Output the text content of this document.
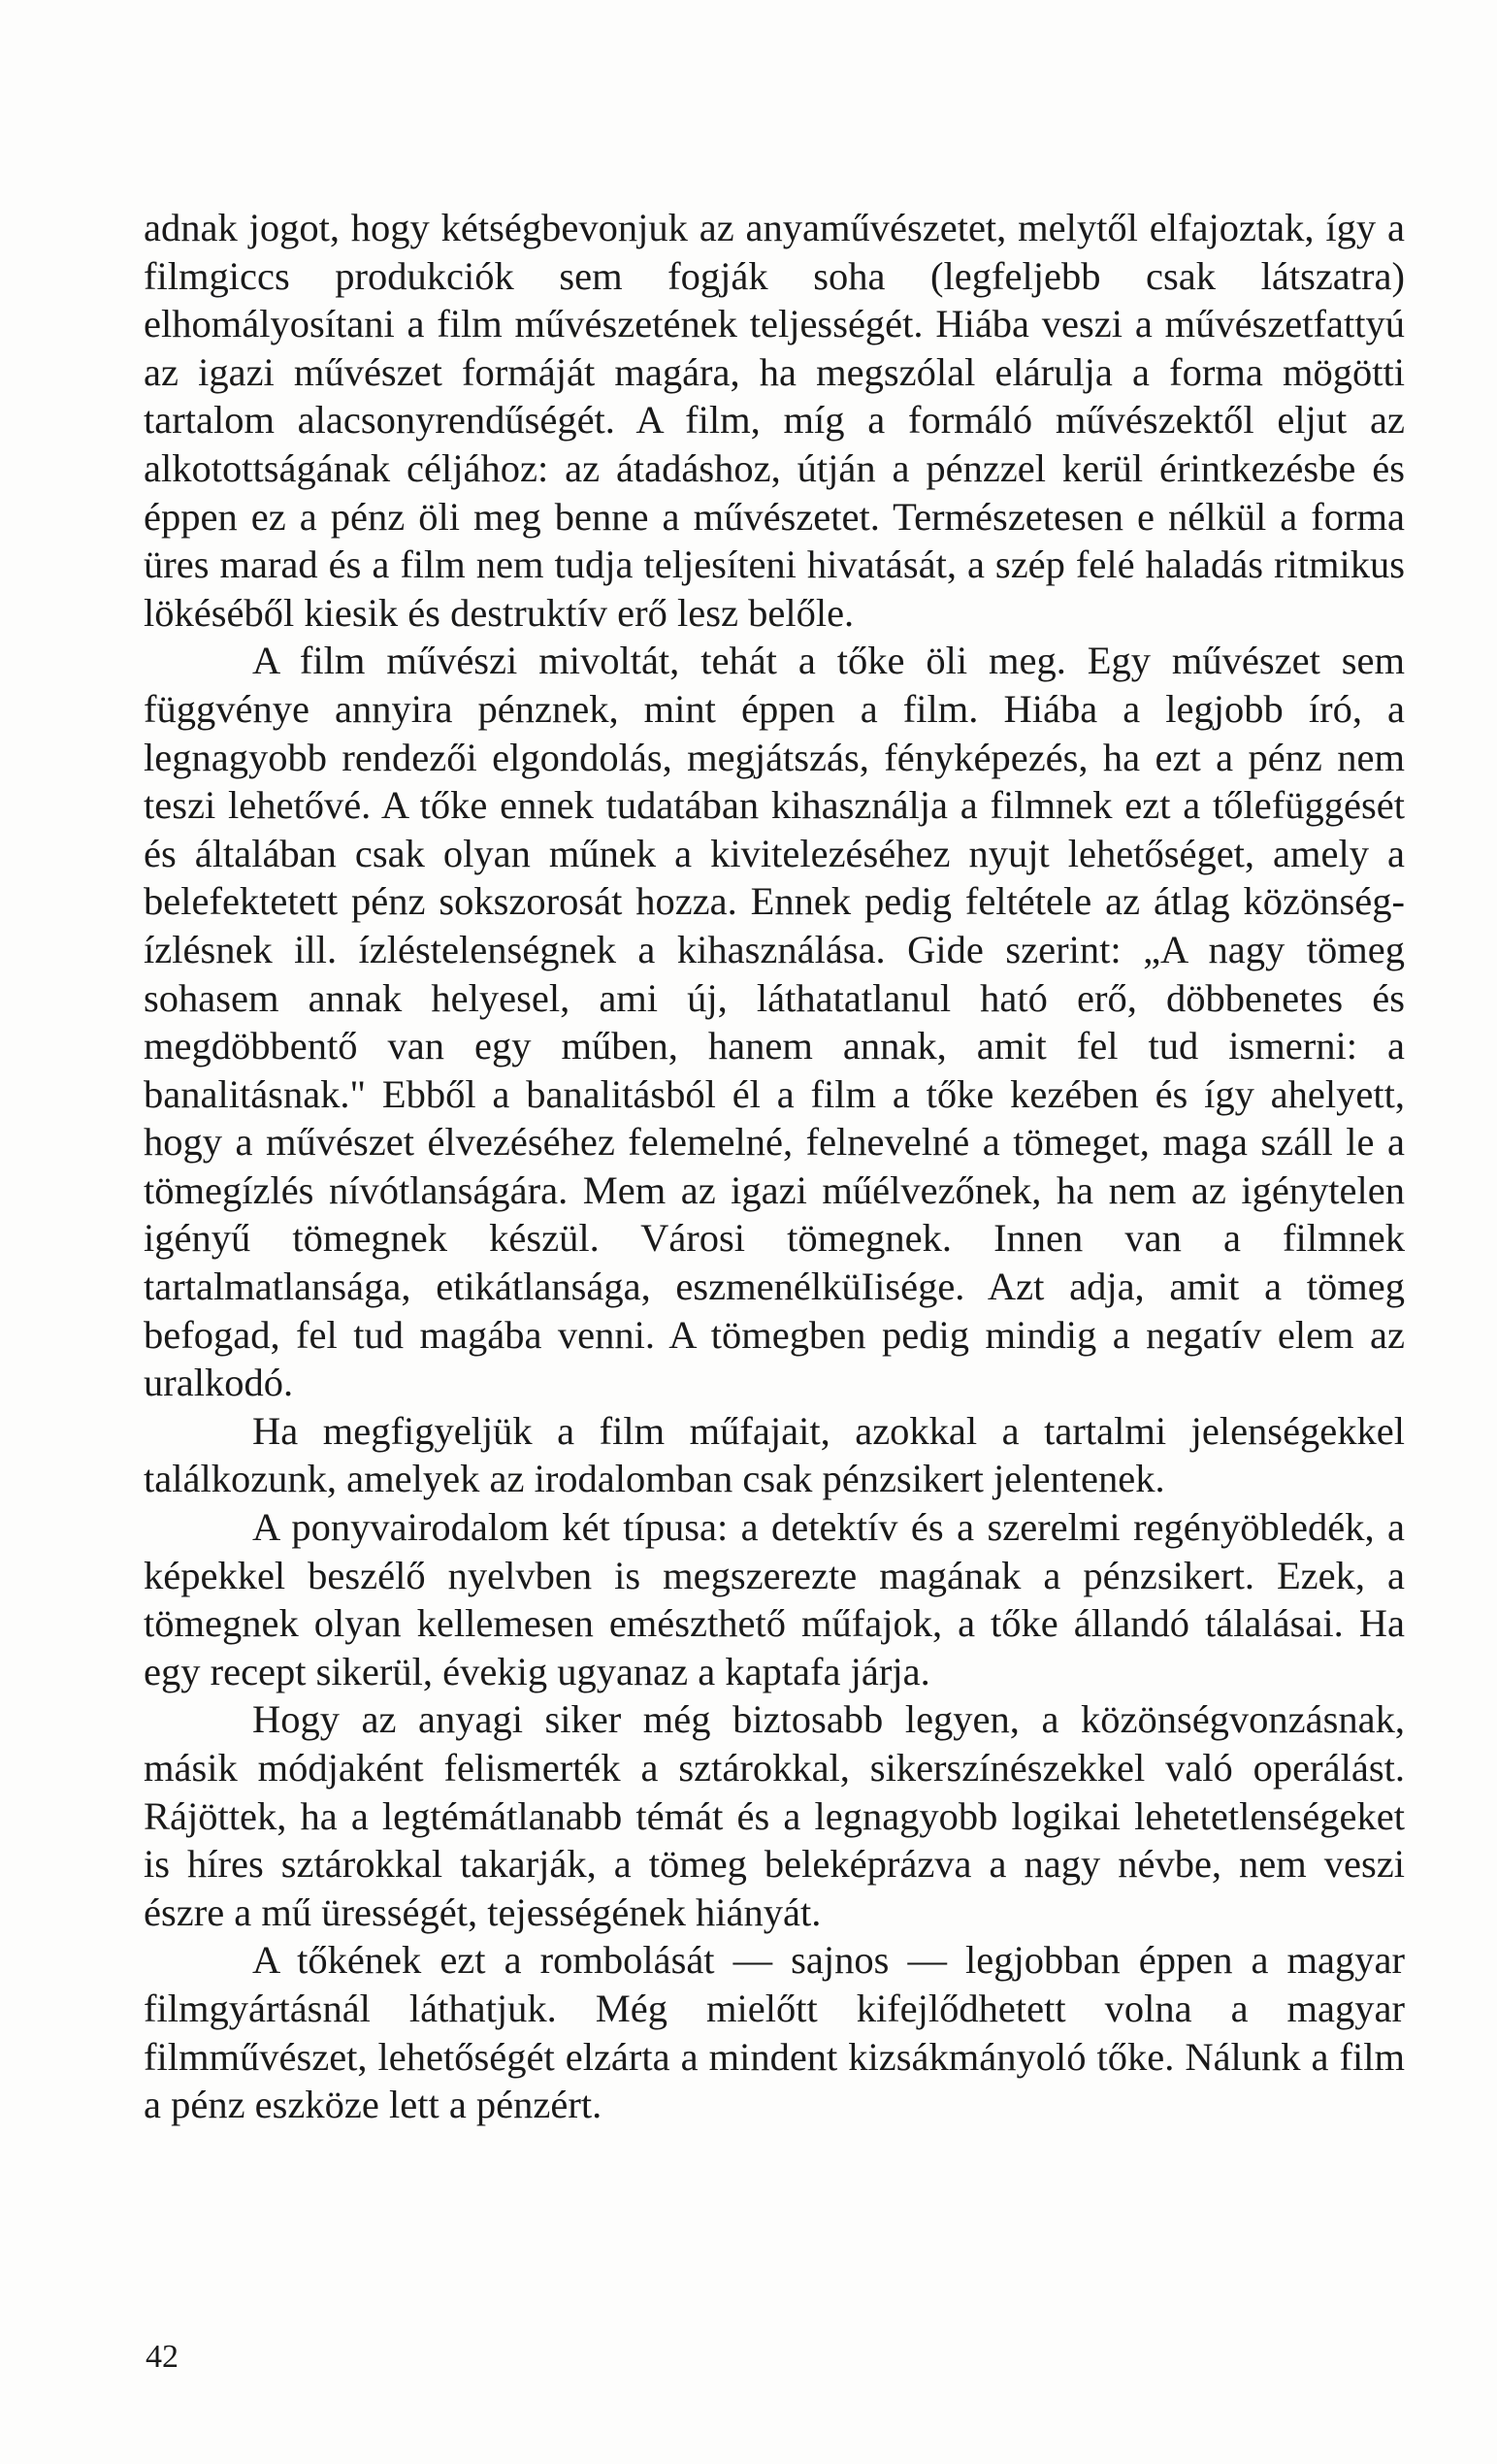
adnak jogot, hogy kétségbevonjuk az anyaművészetet, melytől elfajoztak, így a filmgiccs produkciók sem fogják soha (legfeljebb csak látszatra) elhomályosítani a film művészetének teljességét. Hiába veszi a művészetfattyú az igazi művészet formáját magára, ha megszólal elárulja a forma mögötti tartalom alacsonyrendűségét. A film, míg a formáló művészektől eljut az alkotottságának céljához: az átadáshoz, útján a pénzzel kerül érintkezésbe és éppen ez a pénz öli meg benne a művészetet. Természetesen e nélkül a forma üres marad és a film nem tudja teljesíteni hivatását, a szép felé haladás ritmikus lökéséből kiesik és destruktív erő lesz belőle.

A film művészi mivoltát, tehát a tőke öli meg. Egy művészet sem függvénye annyira pénznek, mint éppen a film. Hiába a legjobb író, a legnagyobb rendezői elgondolás, megjátszás, fényképezés, ha ezt a pénz nem teszi lehetővé. A tőke ennek tudatában kihasználja a filmnek ezt a tőlefüggését és általában csak olyan műnek a kivitelezéséhez nyujt lehetőséget, amely a belefektetett pénz sokszorosát hozza. Ennek pedig feltétele az átlag közönség-ízlésnek ill. ízléstelenségnek a kihasználása. Gide szerint: „A nagy tömeg sohasem annak helyesel, ami új, láthatatlanul ható erő, döbbenetes és megdöbbentő van egy műben, hanem annak, amit fel tud ismerni: a banalitásnak." Ebből a banalitásból él a film a tőke kezében és így ahelyett, hogy a művészet élvezéséhez felemelné, felnevelné a tömeget, maga száll le a tömegízlés nívótlanságára. Mem az igazi műélvezőnek, ha nem az igénytelen igényű tömegnek készül. Városi tömegnek. Innen van a filmnek tartalmatlansága, etikátlansága, eszmenélküIisége. Azt adja, amit a tömeg befogad, fel tud magába venni. A tömegben pedig mindig a negatív elem az uralkodó.

Ha megfigyeljük a film műfajait, azokkal a tartalmi jelenségekkel találkozunk, amelyek az irodalomban csak pénzsikert jelentenek.

A ponyvairodalom két típusa: a detektív és a szerelmi regényöbledék, a képekkel beszélő nyelvben is megszerezte magának a pénzsikert. Ezek, a tömegnek olyan kellemesen emészthető műfajok, a tőke állandó tálalásai. Ha egy recept sikerül, évekig ugyanaz a kaptafa járja.

Hogy az anyagi siker még biztosabb legyen, a közönségvonzásnak, másik módjaként felismerték a sztárokkal, sikerszínészekkel való operálást. Rájöttek, ha a legtémátlanabb témát és a legnagyobb logikai lehetetlenségeket is híres sztárokkal takarják, a tömeg beleképrázva a nagy névbe, nem veszi észre a mű ürességét, tejességének hiányát.

A tőkének ezt a rombolását — sajnos — legjobban éppen a magyar filmgyártásnál láthatjuk. Még mielőtt kifejlődhetett volna a magyar filmművészet, lehetőségét elzárta a mindent kizsákmányoló tőke. Nálunk a film a pénz eszköze lett a pénzért.

42
